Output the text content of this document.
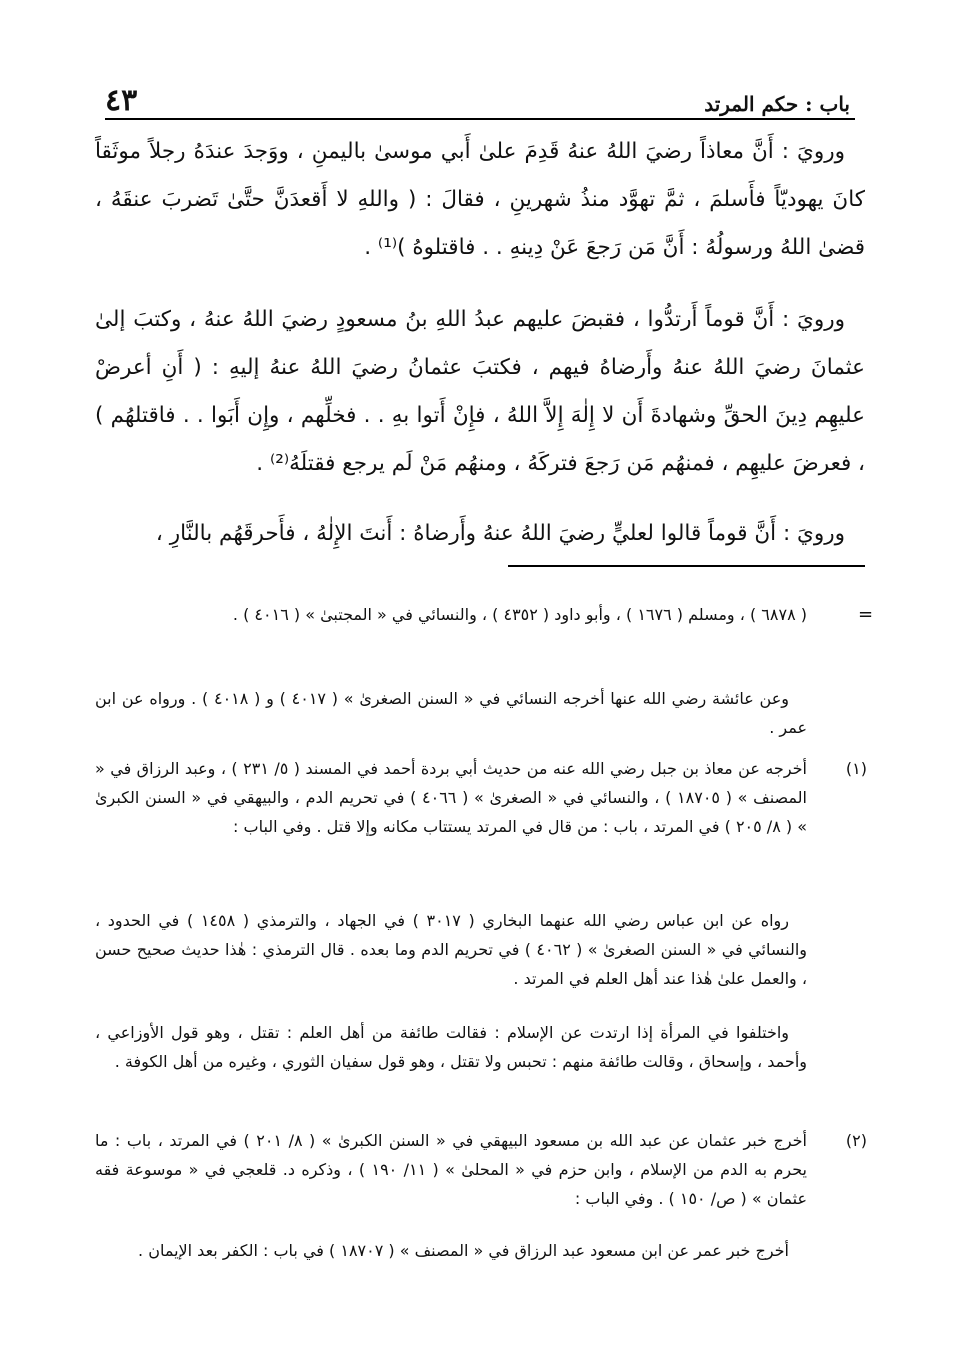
باب : حكم المرتد
٤٣

ورويَ : أَنَّ معاذاً رضيَ اللهُ عنهُ قَدِمَ علىٰ أَبي موسىٰ باليمنِ ، ووَجدَ عندَهُ رجلاً موثَقاً كانَ يهوديّاً فأَسلمَ ، ثمَّ تهوَّد منذُ شهرينِ ، فقالَ : ( واللهِ لا أَقعدَنَّ حتَّىٰ تَضربَ عنقَهُ ، قضىٰ اللهُ ورسولُهُ : أَنَّ مَن رَجعَ عَنْ دِينهِ . . فاقتلوهُ )⁽¹⁾ .

ورويَ : أَنَّ قوماً أَرتدُّوا ، فقبضَ عليهم عبدُ اللهِ بنُ مسعودٍ رضيَ اللهُ عنهُ ، وكتبَ إلىٰ عثمانَ رضيَ اللهُ عنهُ وأَرضاهُ فيهم ، فكتبَ عثمانُ رضيَ اللهُ عنهُ إليهِ : ( أَنِ أعرضْ عليهِم دِينَ الحقِّ وشهادةَ أَن لا إِلٰهَ إِلاَّ اللهُ ، فإِنْ أَتوا بهِ . . فخلِّهم ، وإِن أَبَوا . . فاقتلهُم ) ، فعرضَ عليهِم ، فمنهُم مَن رَجعَ فتركَهُ ، ومنهُم مَنْ لَم يرجع فقتلَهُ⁽²⁾ .

ورويَ : أَنَّ قوماً قالوا لعليٍّ رضيَ اللهُ عنهُ وأَرضاهُ : أَنتَ الإِلٰهُ ، فأَحرقَهُم بالنَّارِ ،

=

( ٦٨٧٨ ) ، ومسلم ( ١٦٧٦ ) ، وأبو داود ( ٤٣٥٢ ) ، والنسائي في « المجتبىٰ » ( ٤٠١٦ ) .

وعن عائشة رضي الله عنها أخرجه النسائي في « السنن الصغرىٰ » ( ٤٠١٧ ) و ( ٤٠١٨ ) . ورواه عن ابن عمر .

(١)

أخرجه عن معاذ بن جبل رضي الله عنه من حديث أبي بردة أحمد في المسند ( ٥/ ٢٣١ ) ، وعبد الرزاق في « المصنف » ( ١٨٧٠٥ ) ، والنسائي في « الصغرىٰ » ( ٤٠٦٦ ) في تحريم الدم ، والبيهقي في « السنن الكبرىٰ » ( ٨/ ٢٠٥ ) في المرتد ، باب : من قال في المرتد يستتاب مكانه وإلا قتل . وفي الباب :

رواه عن ابن عباس رضي الله عنهما البخاري ( ٣٠١٧ ) في الجهاد ، والترمذي ( ١٤٥٨ ) في الحدود ، والنسائي في « السنن الصغرىٰ » ( ٤٠٦٢ ) في تحريم الدم وما بعده . قال الترمذي : هٰذا حديث صحيح حسن ، والعمل علىٰ هٰذا عند أهل العلم في المرتد .

واختلفوا في المرأة إذا ارتدت عن الإسلام : فقالت طائفة من أهل العلم : تقتل ، وهو قول الأوزاعي ، وأحمد ، وإسحاق ، وقالت طائفة منهم : تحبس ولا تقتل ، وهو قول سفيان الثوري ، وغيره من أهل الكوفة .

(٢)

أخرج خبر عثمان عن عبد الله بن مسعود البيهقي في « السنن الكبرىٰ » ( ٨/ ٢٠١ ) في المرتد ، باب : ما يحرم به الدم من الإسلام ، وابن حزم في « المحلىٰ » ( ١١/ ١٩٠ ) ، وذكره د. قلعجي في « موسوعة فقه عثمان » ( ص/ ١٥٠ ) . وفي الباب :

أخرج خبر عمر عن ابن مسعود عبد الرزاق في « المصنف » ( ١٨٧٠٧ ) في باب : الكفر بعد الإيمان .
